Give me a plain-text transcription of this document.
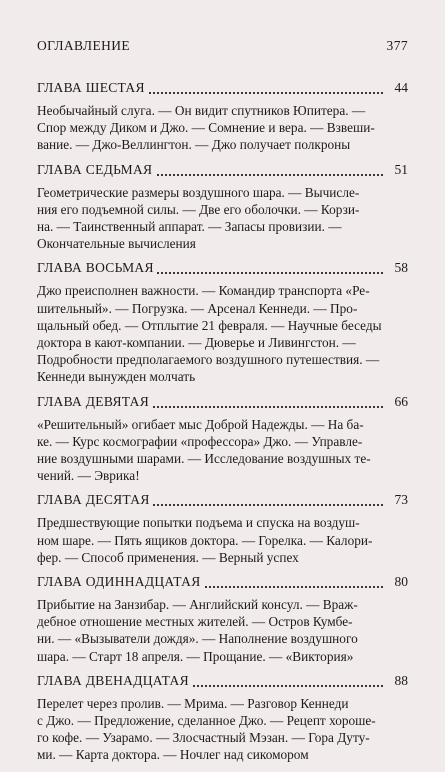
ОГЛАВЛЕНИЕ	377
ГЛАВА ШЕСТАЯ	44

Необычайный слуга. — Он видит спутников Юпитера. —
Спор между Диком и Джо. — Сомнение и вера. — Взвеши-
вание. — Джо-Веллингтон. — Джо получает полкроны

ГЛАВА СЕДЬМАЯ	51

Геометрические размеры воздушного шара. — Вычисле-
ния его подъемной силы. — Две его оболочки. — Корзи-
на. — Таинственный аппарат. — Запасы провизии. —
Окончательные вычисления

ГЛАВА ВОСЬМАЯ	58

Джо преисполнен важности. — Командир транспорта «Ре-
шительный». — Погрузка. — Арсенал Кеннеди. — Про-
щальный обед. — Отплытие 21 февраля. — Научные беседы
доктора в кают-компании. — Дюверье и Ливингстон. —
Подробности предполагаемого воздушного путешествия. —
Кеннеди вынужден молчать

ГЛАВА ДЕВЯТАЯ	66

«Решительный» огибает мыс Доброй Надежды. — На ба-
ке. — Курс космографии «профессора» Джо. — Управле-
ние воздушными шарами. — Исследование воздушных те-
чений. — Эврика!

ГЛАВА ДЕСЯТАЯ	73

Предшествующие попытки подъема и спуска на воздуш-
ном шаре. — Пять ящиков доктора. — Горелка. — Калори-
фер. — Способ применения. — Верный успех

ГЛАВА ОДИННАДЦАТАЯ	80

Прибытие на Занзибар. — Английский консул. — Враж-
дебное отношение местных жителей. — Остров Кумбе-
ни. — «Вызыватели дождя». — Наполнение воздушного
шара. — Старт 18 апреля. — Прощание. — «Виктория»

ГЛАВА ДВЕНАДЦАТАЯ	88

Перелет через пролив. — Мрима. — Разговор Кеннеди
с Джо. — Предложение, сделанное Джо. — Рецепт хороше-
го кофе. — Узарамо. — Злосчастный Мэзан. — Гора Дуту-
ми. — Карта доктора. — Ночлег над сикомором
